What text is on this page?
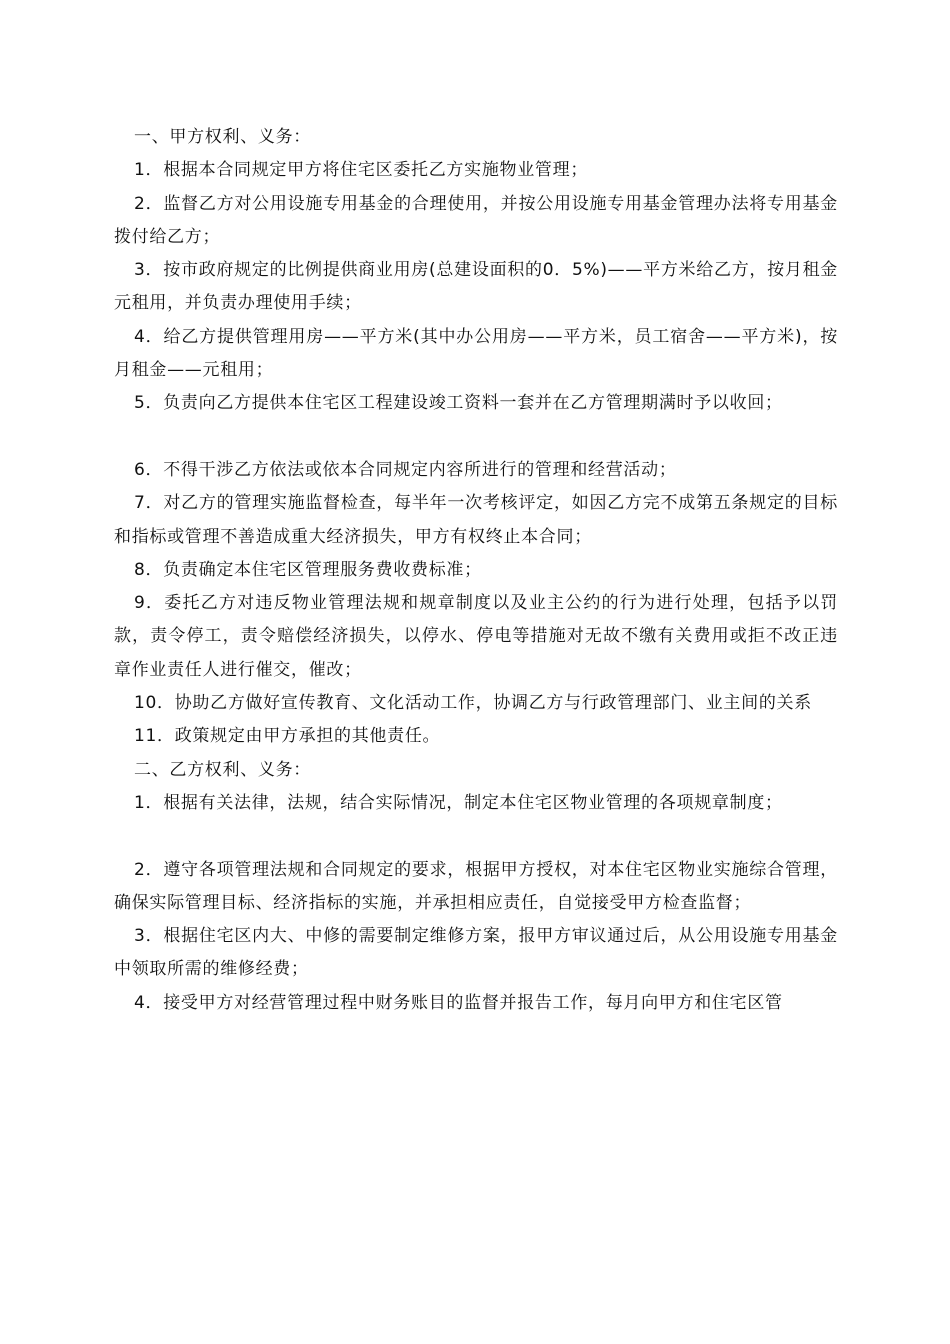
一、甲方权利、义务：

1．根据本合同规定甲方将住宅区委托乙方实施物业管理；

2．监督乙方对公用设施专用基金的合理使用，并按公用设施专用基金管理办法将专用基金拨付给乙方；

3．按市政府规定的比例提供商业用房(总建设面积的0．5%)——平方米给乙方，按月租金 元租用，并负责办理使用手续；

4．给乙方提供管理用房——平方米(其中办公用房——平方米，员工宿舍——平方米)，按月租金——元租用；

5．负责向乙方提供本住宅区工程建设竣工资料一套并在乙方管理期满时予以收回；

6．不得干涉乙方依法或依本合同规定内容所进行的管理和经营活动；

7．对乙方的管理实施监督检查，每半年一次考核评定，如因乙方完不成第五条规定的目标和指标或管理不善造成重大经济损失，甲方有权终止本合同；

8．负责确定本住宅区管理服务费收费标准；

9．委托乙方对违反物业管理法规和规章制度以及业主公约的行为进行处理，包括予以罚款，责令停工，责令赔偿经济损失，以停水、停电等措施对无故不缴有关费用或拒不改正违章作业责任人进行催交，催改；

10．协助乙方做好宣传教育、文化活动工作，协调乙方与行政管理部门、业主间的关系

11．政策规定由甲方承担的其他责任。

二、乙方权利、义务：

1．根据有关法律，法规，结合实际情况，制定本住宅区物业管理的各项规章制度；

2．遵守各项管理法规和合同规定的要求，根据甲方授权，对本住宅区物业实施综合管理，确保实际管理目标、经济指标的实施，并承担相应责任，自觉接受甲方检查监督；

3．根据住宅区内大、中修的需要制定维修方案，报甲方审议通过后，从公用设施专用基金中领取所需的维修经费；

4．接受甲方对经营管理过程中财务账目的监督并报告工作，每月向甲方和住宅区管
